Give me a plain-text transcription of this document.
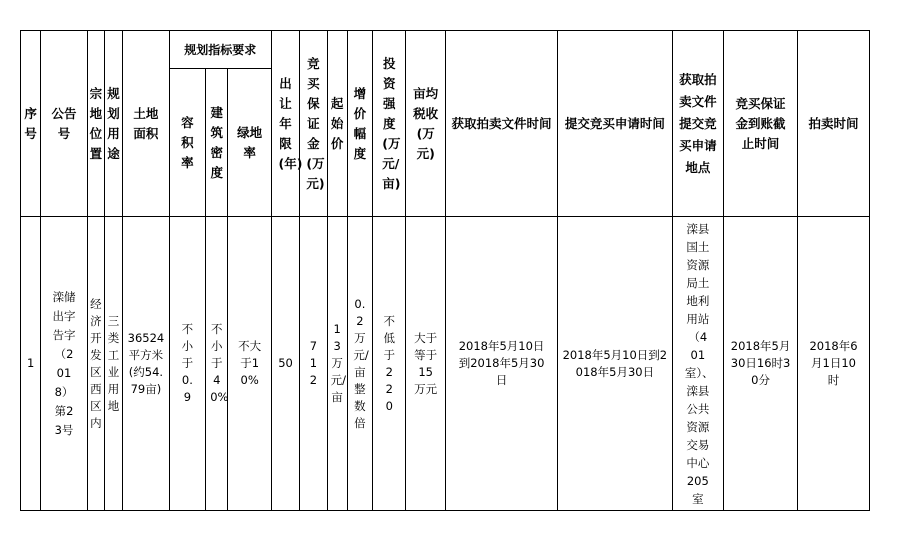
序号	公告号	宗地位置	规划用途	土地面积	规划指标要求			出让年限(年)	竞买保证金(万元)	起始价	增价幅度	投资强度(万元/亩)	亩均税收(万元)	获取拍卖文件时间	提交竞买申请时间	获取拍卖文件提交竞买申请地点	竞买保证金到账截止时间	拍卖时间
					容积率	建筑密度	绿地率											
1	滦储出字告字（2018）第23号	经济开发区西区内	三类工业用地	36524平方米(约54.79亩)	不小于0.9	不小于40%	不大于10%	50	712	13万元/亩	0.2万元/亩整数倍	不低于220	大于等于15万元	2018年5月10日到2018年5月30日	2018年5月10日到2018年5月30日	滦县国土资源局土地利用站（401室）、滦县公共资源交易中心205室	2018年5月30日16时30分	2018年6月1日10时
